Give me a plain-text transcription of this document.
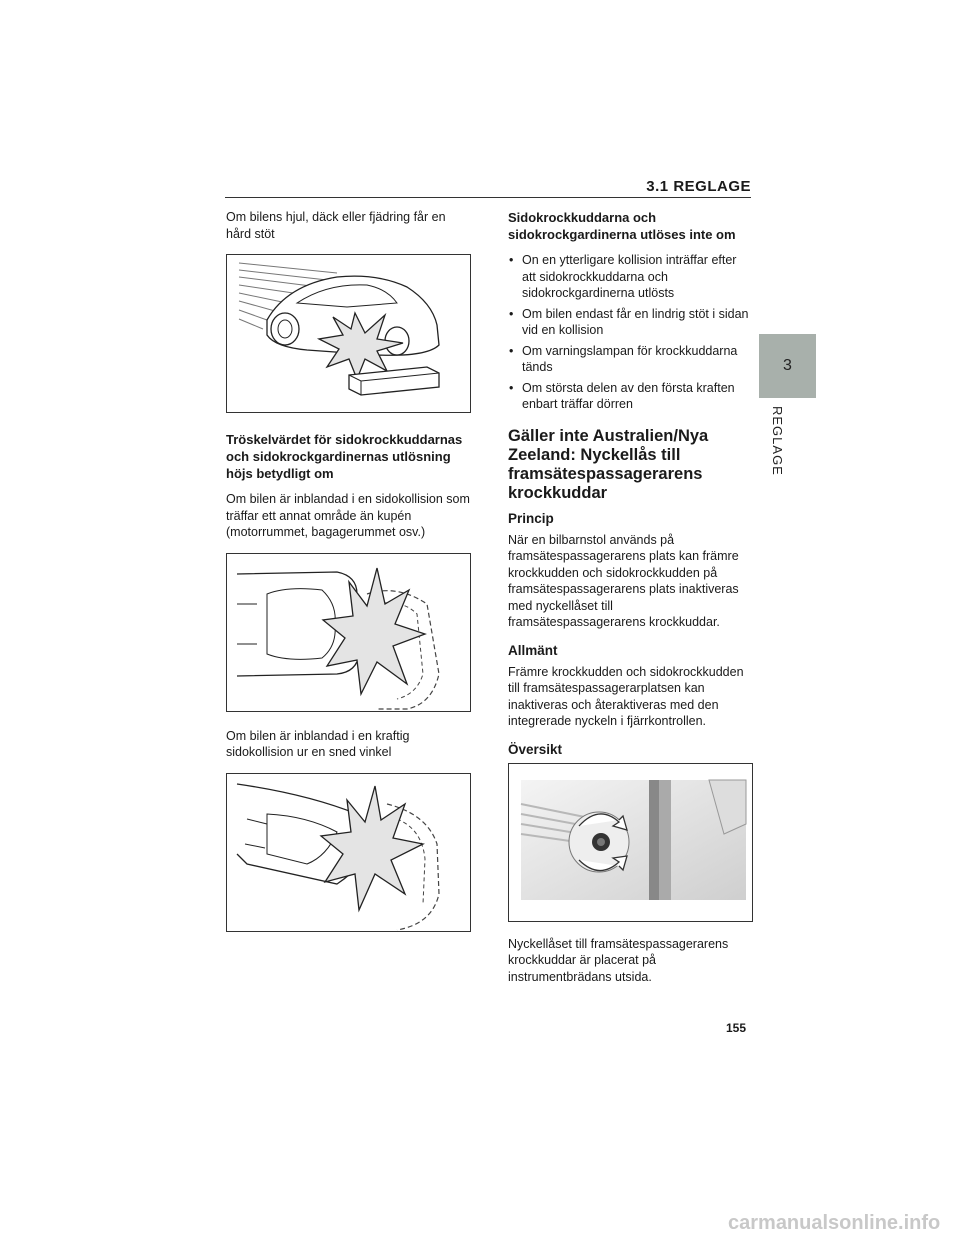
3.1 REGLAGE
3
REGLAGE

Om bilens hjul, däck eller fjädring får en hård stöt

Tröskelvärdet för sidokrockkuddarnas och sidokrockgardinernas utlösning höjs betydligt om

Om bilen är inblandad i en sidokollision som träffar ett annat område än kupén (motorrummet, bagagerummet osv.)

Om bilen är inblandad i en kraftig sidokollision ur en sned vinkel

Sidokrockkuddarna och sidokrockgardinerna utlöses inte om
• On en ytterligare kollision inträffar efter att sidokrockkuddarna och sidokrockgardinerna utlösts
• Om bilen endast får en lindrig stöt i sidan vid en kollision
• Om varningslampan för krockkuddarna tänds
• Om största delen av den första kraften enbart träffar dörren
Gäller inte Australien/Nya Zeeland: Nyckellås till framsätespassagerarens krockkuddar
Princip

När en bilbarnstol används på framsätespassagerarens plats kan främre krockkudden och sidokrockkudden på framsätespassagerarens plats inaktiveras med nyckellåset till framsätespassagerarens krockkuddar.

Allmänt

Främre krockkudden och sidokrockkudden till framsätespassagerarplatsen kan inaktiveras och återaktiveras med den integrerade nyckeln i fjärrkontrollen.

Översikt

Nyckellåset till framsätespassagerarens krockkuddar är placerat på instrumentbrädans utsida.

155
carmanualsonline.info
